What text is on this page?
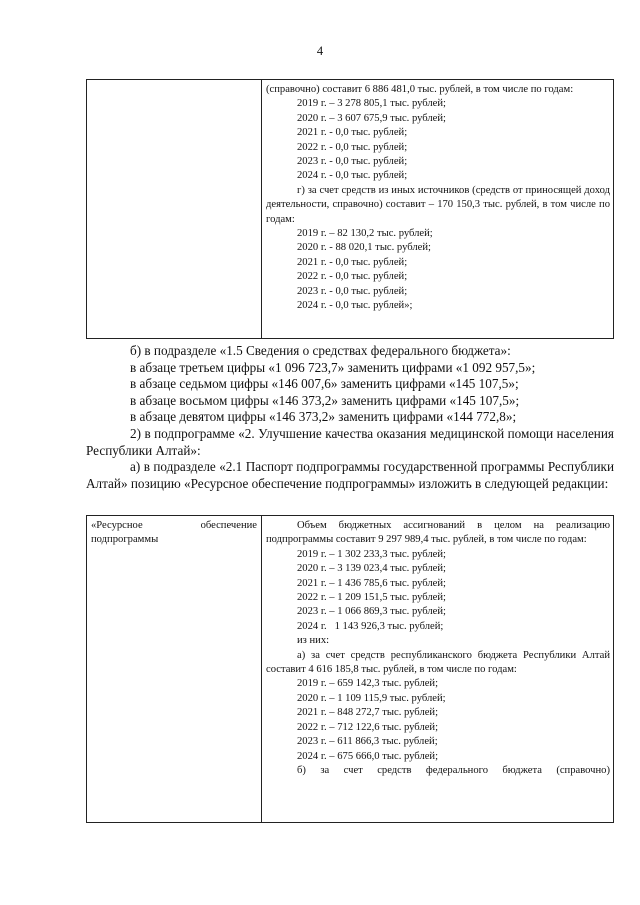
4
(справочно) составит 6 886 481,0 тыс. рублей, в том числе по годам:
2019 г. – 3 278 805,1 тыс. рублей;
2020 г. – 3 607 675,9 тыс. рублей;
2021 г. - 0,0 тыс. рублей;
2022 г. - 0,0 тыс. рублей;
2023 г. - 0,0 тыс. рублей;
2024 г. - 0,0 тыс. рублей;
г) за счет средств из иных источников (средств от приносящей доход деятельности, справочно) составит – 170 150,3 тыс. рублей, в том числе по годам:
2019 г. – 82 130,2 тыс. рублей;
2020 г. - 88 020,1 тыс. рублей;
2021 г. - 0,0 тыс. рублей;
2022 г. - 0,0 тыс. рублей;
2023 г. - 0,0 тыс. рублей;
2024 г. - 0,0 тыс. рублей»;

б) в подразделе «1.5 Сведения о средствах федерального бюджета»:

в абзаце третьем цифры «1 096 723,7» заменить цифрами «1 092 957,5»;

в абзаце седьмом цифры «146 007,6» заменить цифрами «145 107,5»;

в абзаце восьмом цифры «146 373,2» заменить цифрами «145 107,5»;

в абзаце девятом цифры «146 373,2» заменить цифрами «144 772,8»;

2) в подпрограмме «2. Улучшение качества оказания медицинской помощи населения Республики Алтай»:

а) в подразделе «2.1 Паспорт подпрограммы государственной программы Республики Алтай» позицию «Ресурсное обеспечение подпрограммы» изложить в следующей редакции:

«Ресурсное	обеспечение
подпрограммы
Объем бюджетных ассигнований в целом на реализацию подпрограммы составит 9 297 989,4 тыс. рублей, в том числе по годам:
2019 г. – 1 302 233,3 тыс. рублей;
2020 г. – 3 139 023,4 тыс. рублей;
2021 г. – 1 436 785,6 тыс. рублей;
2022 г. – 1 209 151,5 тыс. рублей;
2023 г. – 1 066 869,3 тыс. рублей;
2024 г.   1 143 926,3 тыс. рублей;
из них:
а) за счет средств республиканского бюджета Республики Алтай составит 4 616 185,8 тыс. рублей, в том числе по годам:
2019 г. – 659 142,3 тыс. рублей;
2020 г. – 1 109 115,9 тыс. рублей;
2021 г. – 848 272,7 тыс. рублей;
2022 г. – 712 122,6 тыс. рублей;
2023 г. – 611 866,3 тыс. рублей;
2024 г. – 675 666,0 тыс. рублей;
б) за счет средств федерального бюджета (справочно)
